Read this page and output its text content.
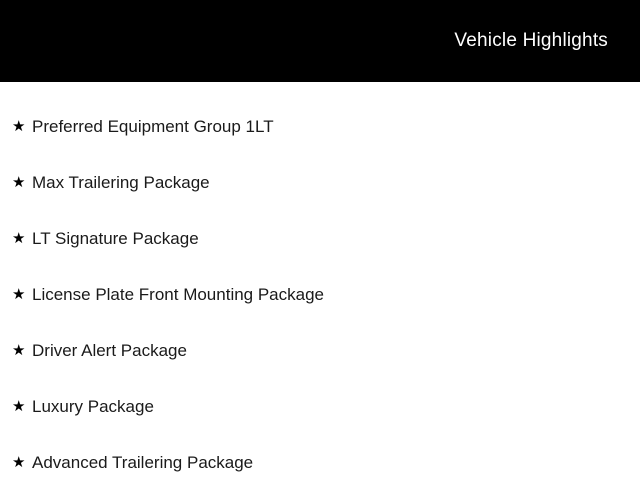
Vehicle Highlights
★ Preferred Equipment Group 1LT
★ Max Trailering Package
★ LT Signature Package
★ License Plate Front Mounting Package
★ Driver Alert Package
★ Luxury Package
★ Advanced Trailering Package
